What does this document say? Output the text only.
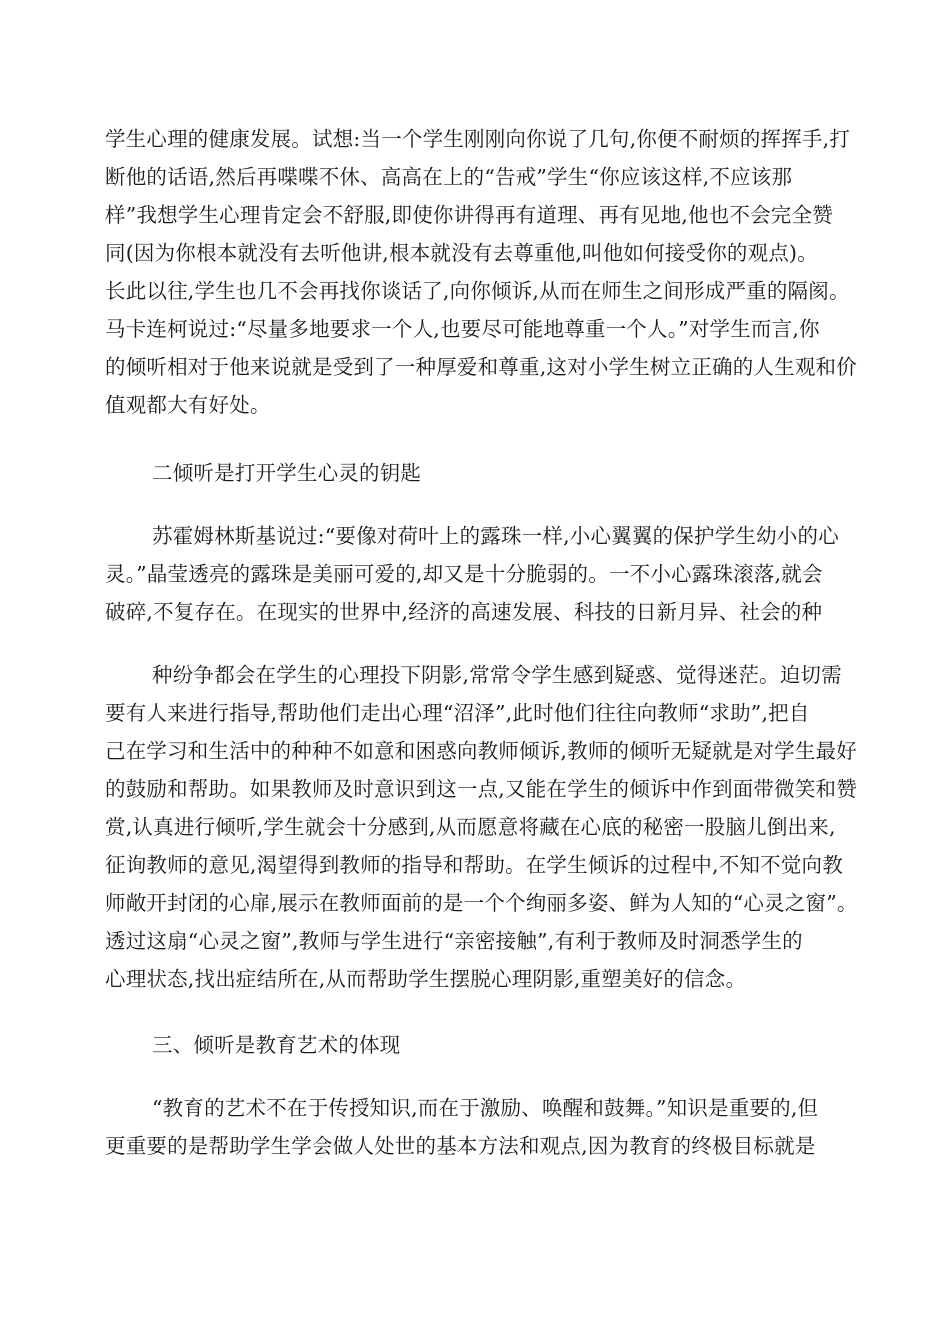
学生心理的健康发展。试想:当一个学生刚刚向你说了几句,你便不耐烦的挥挥手,打
断他的话语,然后再喋喋不休、高高在上的“告戒”学生“你应该这样,不应该那
样”我想学生心理肯定会不舒服,即使你讲得再有道理、再有见地,他也不会完全赞
同(因为你根本就没有去听他讲,根本就没有去尊重他,叫他如何接受你的观点)。
长此以往,学生也几不会再找你谈话了,向你倾诉,从而在师生之间形成严重的隔阂。
马卡连柯说过:“尽量多地要求一个人,也要尽可能地尊重一个人。”对学生而言,你
的倾听相对于他来说就是受到了一种厚爱和尊重,这对小学生树立正确的人生观和价
值观都大有好处。
二倾听是打开学生心灵的钥匙
苏霍姆林斯基说过:“要像对荷叶上的露珠一样,小心翼翼的保护学生幼小的心
灵。”晶莹透亮的露珠是美丽可爱的,却又是十分脆弱的。一不小心露珠滚落,就会
破碎,不复存在。在现实的世界中,经济的高速发展、科技的日新月异、社会的种
种纷争都会在学生的心理投下阴影,常常令学生感到疑惑、觉得迷茫。迫切需
要有人来进行指导,帮助他们走出心理“沼泽”,此时他们往往向教师“求助”,把自
己在学习和生活中的种种不如意和困惑向教师倾诉,教师的倾听无疑就是对学生最好
的鼓励和帮助。如果教师及时意识到这一点,又能在学生的倾诉中作到面带微笑和赞
赏,认真进行倾听,学生就会十分感到,从而愿意将藏在心底的秘密一股脑儿倒出来,
征询教师的意见,渴望得到教师的指导和帮助。在学生倾诉的过程中,不知不觉向教
师敞开封闭的心扉,展示在教师面前的是一个个绚丽多姿、鲜为人知的“心灵之窗”。
透过这扇“心灵之窗”,教师与学生进行“亲密接触”,有利于教师及时洞悉学生的
心理状态,找出症结所在,从而帮助学生摆脱心理阴影,重塑美好的信念。
三、倾听是教育艺术的体现
“教育的艺术不在于传授知识,而在于激励、唤醒和鼓舞。”知识是重要的,但
更重要的是帮助学生学会做人处世的基本方法和观点,因为教育的终极目标就是
